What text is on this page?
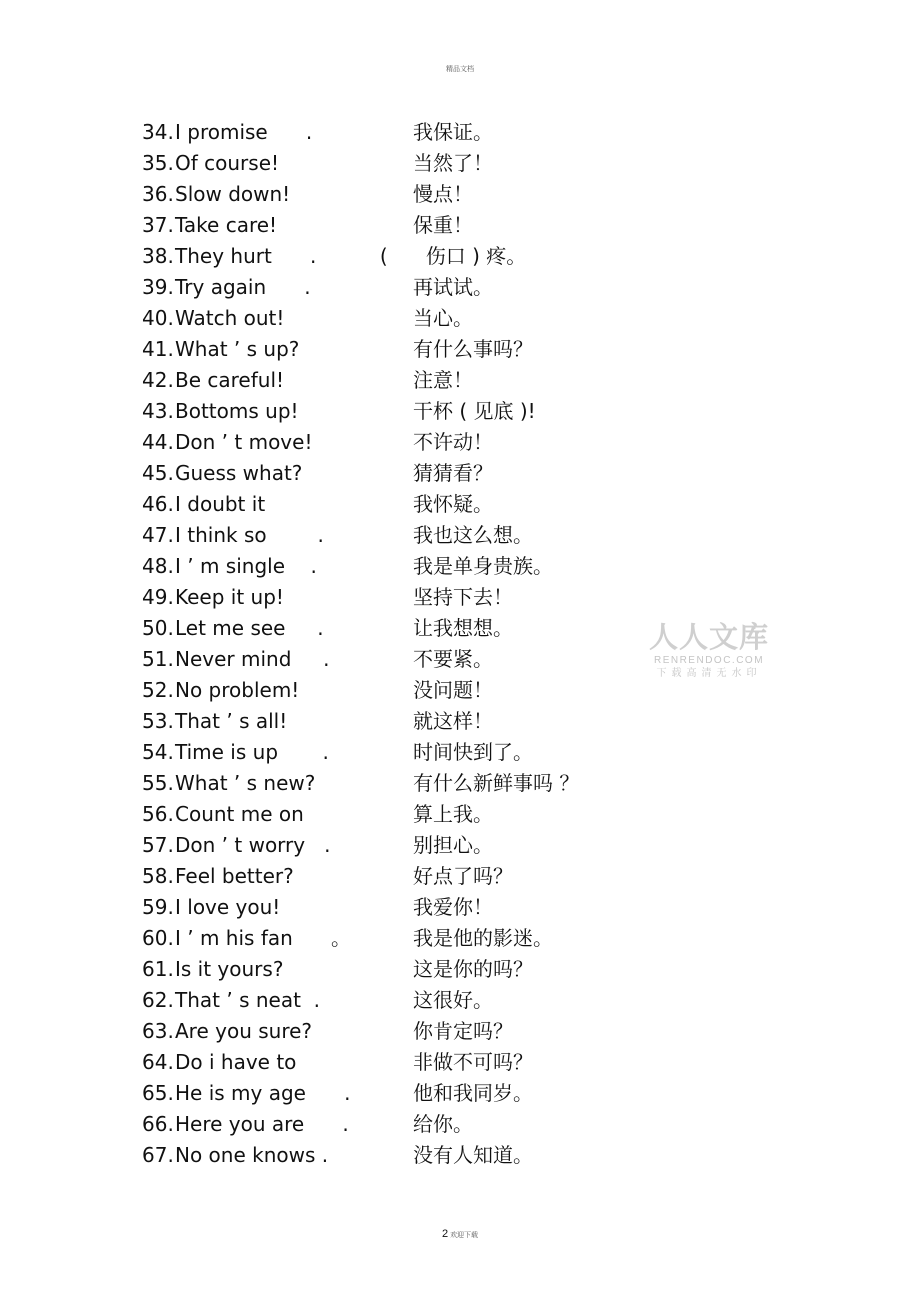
精品文档
34. I promise      .	我保证。
35. Of course!	当然了！
36. Slow down!	慢点！
37. Take care!	保重！
38. They hurt      .          ( 伤口 ) 疼。
39. Try again      .	再试试。
40. Watch out!	当心。
41. What ’ s up?	有什么事吗？
42. Be careful!	注意！
43. Bottoms up!	干杯 ( 见底 )!
44. Don ’ t move!	不许动！
45. Guess what?	猜猜看？
46. I doubt it	我怀疑。
47. I think so        .	我也这么想。
48. I ’ m single    .	我是单身贵族。
49. Keep it up!	坚持下去！
50. Let me see     .	让我想想。
51. Never mind     .	不要紧。
52. No problem!	没问题！
53. That ’ s all!	就这样！
54. Time is up       .	时间快到了。
55. What ’ s new?	有什么新鲜事吗 ？
56. Count me on	算上我。
57. Don ’ t worry   .	别担心。
58. Feel better?	好点了吗？
59. I love you!	我爱你！
60. I ’ m his fan      。	我是他的影迷。
61. Is it yours?	这是你的吗？
62. That ’ s neat  .	这很好。
63. Are you sure?	你肯定吗？
64. Do i have to	非做不可吗？
65. He is my age      .	他和我同岁。
66. Here you are      .	给你。
67. No one knows .	没有人知道。
人人文库
RENRENDOC.COM
下载高清无水印
2 欢迎下载
